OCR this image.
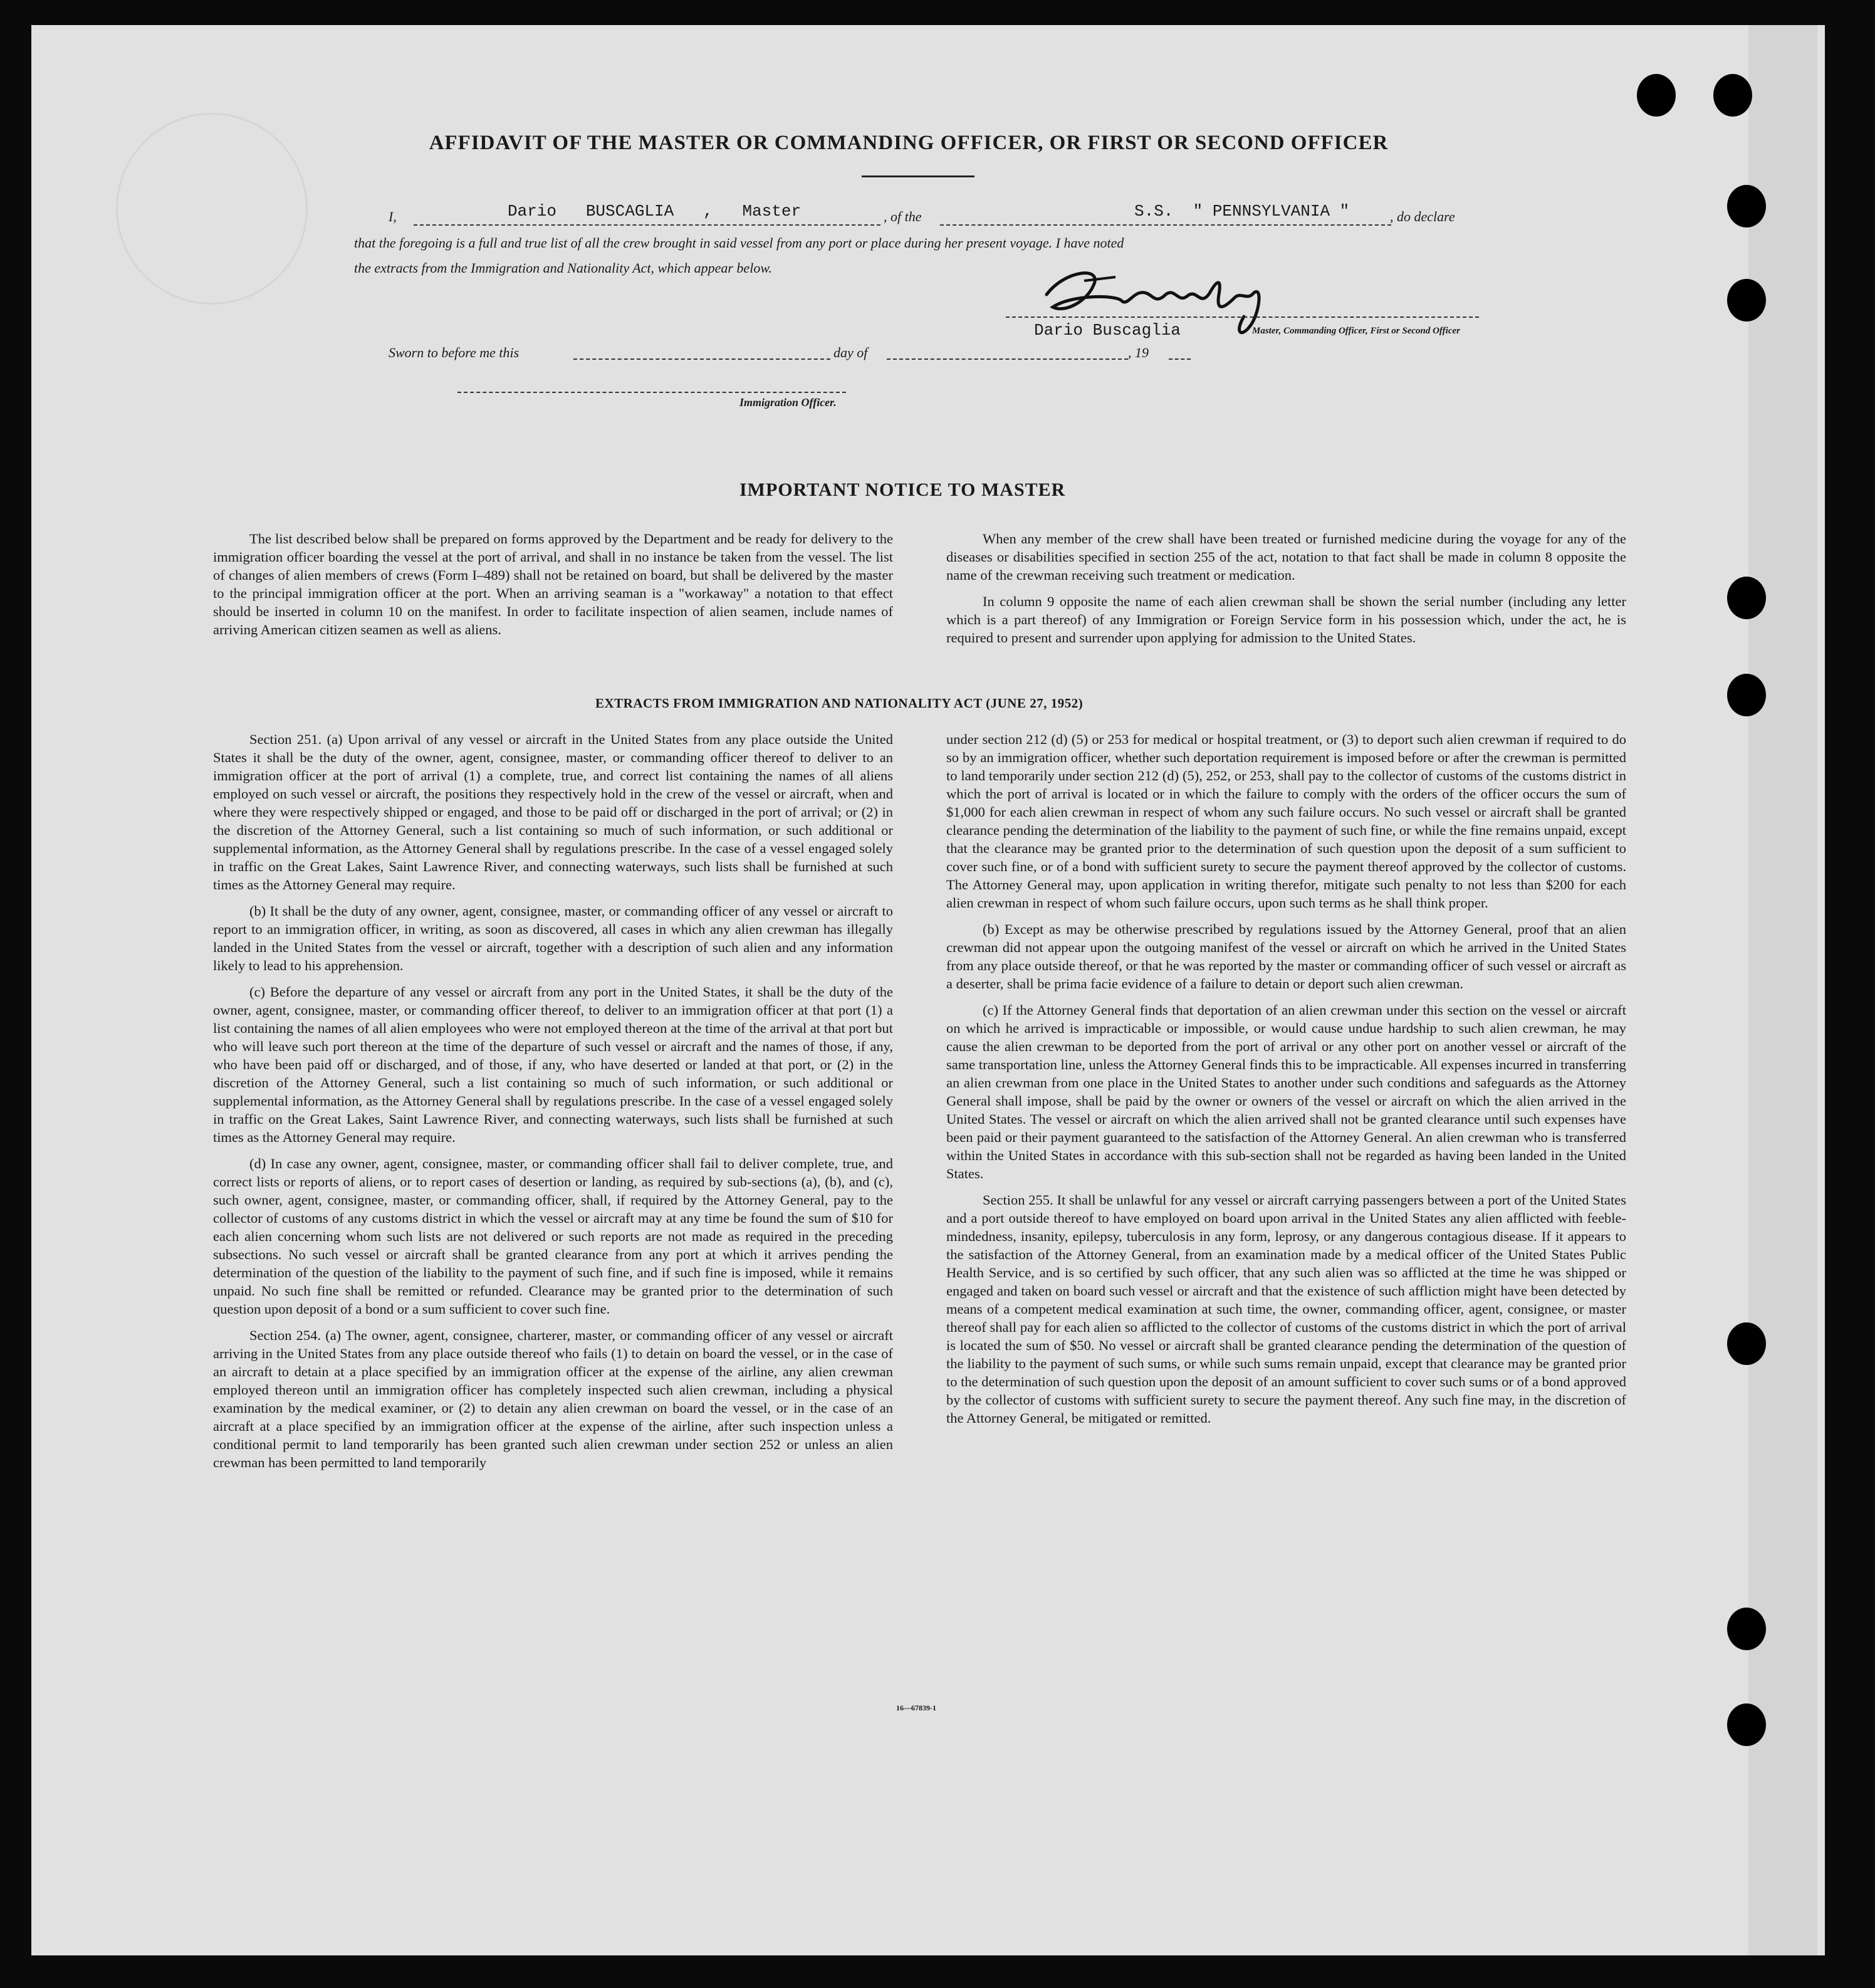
AFFIDAVIT OF THE MASTER OR COMMANDING OFFICER, OR FIRST OR SECOND OFFICER
I,	Dario   BUSCAGLIA   ,   Master	, of the	S.S.  " PENNSYLVANIA "	, do declare
that the foregoing is a full and true list of all the crew brought in said vessel from any port or place during her present voyage. I have noted
the extracts from the Immigration and Nationality Act, which appear below.
Dario Buscaglia	Master, Commanding Officer, First or Second Officer
Sworn to before me this	day of	, 19
Immigration Officer.
IMPORTANT NOTICE TO MASTER

The list described below shall be prepared on forms approved by the Department and be ready for delivery to the immigration officer boarding the vessel at the port of arrival, and shall in no instance be taken from the vessel. The list of changes of alien members of crews (Form I–489) shall not be retained on board, but shall be delivered by the master to the principal immigration officer at the port. When an arriving seaman is a "workaway" a notation to that effect should be inserted in column 10 on the manifest. In order to facilitate inspection of alien seamen, include names of arriving American citizen seamen as well as aliens.

When any member of the crew shall have been treated or furnished medicine during the voyage for any of the diseases or disabilities specified in section 255 of the act, notation to that fact shall be made in column 8 opposite the name of the crewman receiving such treatment or medication.

In column 9 opposite the name of each alien crewman shall be shown the serial number (including any letter which is a part thereof) of any Immigration or Foreign Service form in his possession which, under the act, he is required to present and surrender upon applying for admission to the United States.

EXTRACTS FROM IMMIGRATION AND NATIONALITY ACT (JUNE 27, 1952)

Section 251. (a) Upon arrival of any vessel or aircraft in the United States from any place outside the United States it shall be the duty of the owner, agent, consignee, master, or commanding officer thereof to deliver to an immigration officer at the port of arrival (1) a complete, true, and correct list containing the names of all aliens employed on such vessel or aircraft, the positions they respectively hold in the crew of the vessel or aircraft, when and where they were respectively shipped or engaged, and those to be paid off or discharged in the port of arrival; or (2) in the discretion of the Attorney General, such a list containing so much of such information, or such additional or supplemental information, as the Attorney General shall by regulations prescribe. In the case of a vessel engaged solely in traffic on the Great Lakes, Saint Lawrence River, and connecting waterways, such lists shall be furnished at such times as the Attorney General may require.

(b) It shall be the duty of any owner, agent, consignee, master, or commanding officer of any vessel or aircraft to report to an immigration officer, in writing, as soon as discovered, all cases in which any alien crewman has illegally landed in the United States from the vessel or aircraft, together with a description of such alien and any information likely to lead to his apprehension.

(c) Before the departure of any vessel or aircraft from any port in the United States, it shall be the duty of the owner, agent, consignee, master, or commanding officer thereof, to deliver to an immigration officer at that port (1) a list containing the names of all alien employees who were not employed thereon at the time of the arrival at that port but who will leave such port thereon at the time of the departure of such vessel or aircraft and the names of those, if any, who have been paid off or discharged, and of those, if any, who have deserted or landed at that port, or (2) in the discretion of the Attorney General, such a list containing so much of such information, or such additional or supplemental information, as the Attorney General shall by regulations prescribe. In the case of a vessel engaged solely in traffic on the Great Lakes, Saint Lawrence River, and connecting waterways, such lists shall be furnished at such times as the Attorney General may require.

(d) In case any owner, agent, consignee, master, or commanding officer shall fail to deliver complete, true, and correct lists or reports of aliens, or to report cases of desertion or landing, as required by sub-sections (a), (b), and (c), such owner, agent, consignee, master, or commanding officer, shall, if required by the Attorney General, pay to the collector of customs of any customs district in which the vessel or aircraft may at any time be found the sum of $10 for each alien concerning whom such lists are not delivered or such reports are not made as required in the preceding subsections. No such vessel or aircraft shall be granted clearance from any port at which it arrives pending the determination of the question of the liability to the payment of such fine, and if such fine is imposed, while it remains unpaid. No such fine shall be remitted or refunded. Clearance may be granted prior to the determination of such question upon deposit of a bond or a sum sufficient to cover such fine.

Section 254. (a) The owner, agent, consignee, charterer, master, or commanding officer of any vessel or aircraft arriving in the United States from any place outside thereof who fails (1) to detain on board the vessel, or in the case of an aircraft to detain at a place specified by an immigration officer at the expense of the airline, any alien crewman employed thereon until an immigration officer has completely inspected such alien crewman, including a physical examination by the medical examiner, or (2) to detain any alien crewman on board the vessel, or in the case of an aircraft at a place specified by an immigration officer at the expense of the airline, after such inspection unless a conditional permit to land temporarily has been granted such alien crewman under section 252 or unless an alien crewman has been permitted to land temporarily

under section 212 (d) (5) or 253 for medical or hospital treatment, or (3) to deport such alien crewman if required to do so by an immigration officer, whether such deportation requirement is imposed before or after the crewman is permitted to land temporarily under section 212 (d) (5), 252, or 253, shall pay to the collector of customs of the customs district in which the port of arrival is located or in which the failure to comply with the orders of the officer occurs the sum of $1,000 for each alien crewman in respect of whom any such failure occurs. No such vessel or aircraft shall be granted clearance pending the determination of the liability to the payment of such fine, or while the fine remains unpaid, except that the clearance may be granted prior to the determination of such question upon the deposit of a sum sufficient to cover such fine, or of a bond with sufficient surety to secure the payment thereof approved by the collector of customs. The Attorney General may, upon application in writing therefor, mitigate such penalty to not less than $200 for each alien crewman in respect of whom such failure occurs, upon such terms as he shall think proper.

(b) Except as may be otherwise prescribed by regulations issued by the Attorney General, proof that an alien crewman did not appear upon the outgoing manifest of the vessel or aircraft on which he arrived in the United States from any place outside thereof, or that he was reported by the master or commanding officer of such vessel or aircraft as a deserter, shall be prima facie evidence of a failure to detain or deport such alien crewman.

(c) If the Attorney General finds that deportation of an alien crewman under this section on the vessel or aircraft on which he arrived is impracticable or impossible, or would cause undue hardship to such alien crewman, he may cause the alien crewman to be deported from the port of arrival or any other port on another vessel or aircraft of the same transportation line, unless the Attorney General finds this to be impracticable. All expenses incurred in transferring an alien crewman from one place in the United States to another under such conditions and safeguards as the Attorney General shall impose, shall be paid by the owner or owners of the vessel or aircraft on which the alien arrived in the United States. The vessel or aircraft on which the alien arrived shall not be granted clearance until such expenses have been paid or their payment guaranteed to the satisfaction of the Attorney General. An alien crewman who is transferred within the United States in accordance with this sub-section shall not be regarded as having been landed in the United States.

Section 255. It shall be unlawful for any vessel or aircraft carrying passengers between a port of the United States and a port outside thereof to have employed on board upon arrival in the United States any alien afflicted with feeble-mindedness, insanity, epilepsy, tuberculosis in any form, leprosy, or any dangerous contagious disease. If it appears to the satisfaction of the Attorney General, from an examination made by a medical officer of the United States Public Health Service, and is so certified by such officer, that any such alien was so afflicted at the time he was shipped or engaged and taken on board such vessel or aircraft and that the existence of such affliction might have been detected by means of a competent medical examination at such time, the owner, commanding officer, agent, consignee, or master thereof shall pay for each alien so afflicted to the collector of customs of the customs district in which the port of arrival is located the sum of $50. No vessel or aircraft shall be granted clearance pending the determination of the question of the liability to the payment of such sums, or while such sums remain unpaid, except that clearance may be granted prior to the determination of such question upon the deposit of an amount sufficient to cover such sums or of a bond approved by the collector of customs with sufficient surety to secure the payment thereof. Any such fine may, in the discretion of the Attorney General, be mitigated or remitted.

16—67839-1
